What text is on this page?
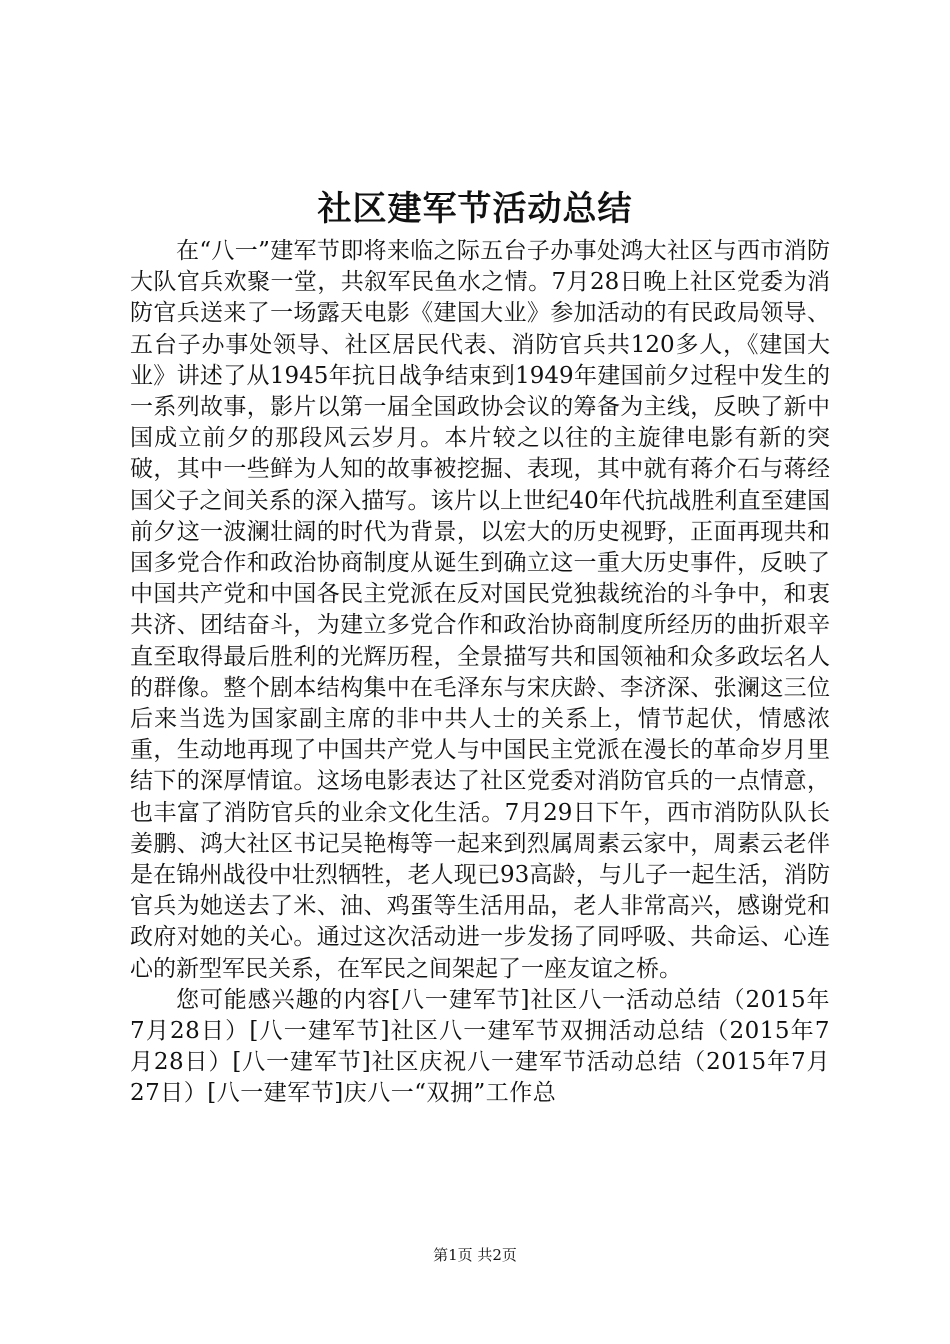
社区建军节活动总结

在“八一”建军节即将来临之际五台子办事处鸿大社区与西市消防大队官兵欢聚一堂，共叙军民鱼水之情。7月28日晚上社区党委为消防官兵送来了一场露天电影《建国大业》参加活动的有民政局领导、五台子办事处领导、社区居民代表、消防官兵共120多人，《建国大业》讲述了从1945年抗日战争结束到1949年建国前夕过程中发生的一系列故事，影片以第一届全国政协会议的筹备为主线，反映了新中国成立前夕的那段风云岁月。本片较之以往的主旋律电影有新的突破，其中一些鲜为人知的故事被挖掘、表现，其中就有蒋介石与蒋经国父子之间关系的深入描写。该片以上世纪40年代抗战胜利直至建国前夕这一波澜壮阔的时代为背景，以宏大的历史视野，正面再现共和国多党合作和政治协商制度从诞生到确立这一重大历史事件，反映了中国共产党和中国各民主党派在反对国民党独裁统治的斗争中，和衷共济、团结奋斗，为建立多党合作和政治协商制度所经历的曲折艰辛直至取得最后胜利的光辉历程，全景描写共和国领袖和众多政坛名人的群像。整个剧本结构集中在毛泽东与宋庆龄、李济深、张澜这三位后来当选为国家副主席的非中共人士的关系上，情节起伏，情感浓重，生动地再现了中国共产党人与中国民主党派在漫长的革命岁月里结下的深厚情谊。这场电影表达了社区党委对消防官兵的一点情意，也丰富了消防官兵的业余文化生活。7月29日下午，西市消防队队长姜鹏、鸿大社区书记吴艳梅等一起来到烈属周素云家中，周素云老伴是在锦州战役中壮烈牺牲，老人现已93高龄，与儿子一起生活，消防官兵为她送去了米、油、鸡蛋等生活用品，老人非常高兴，感谢党和政府对她的关心。通过这次活动进一步发扬了同呼吸、共命运、心连心的新型军民关系，在军民之间架起了一座友谊之桥。

您可能感兴趣的内容[八一建军节]社区八一活动总结（2015年7月28日）[八一建军节]社区八一建军节双拥活动总结（2015年7月28日）[八一建军节]社区庆祝八一建军节活动总结（2015年7月27日）[八一建军节]庆八一“双拥”工作总

第1页 共2页
